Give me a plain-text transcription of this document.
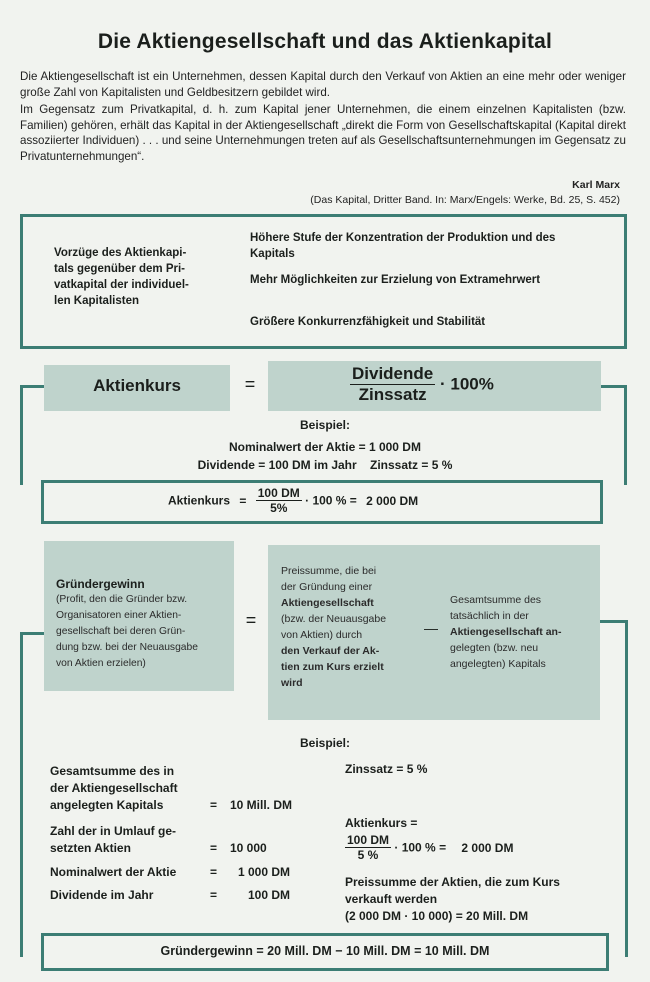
Die Aktiengesellschaft und das Aktienkapital
Die Aktiengesellschaft ist ein Unternehmen, dessen Kapital durch den Verkauf von Aktien an eine mehr oder weniger große Zahl von Kapitalisten und Geldbesitzern gebildet wird.
Im Gegensatz zum Privatkapital, d. h. zum Kapital jener Unternehmen, die einem einzelnen Kapitalisten (bzw. Familien) gehören, erhält das Kapital in der Aktiengesellschaft „direkt die Form von Gesellschaftskapital (Kapital direkt assoziierter Individuen) . . . und seine Unternehmungen treten auf als Gesellschaftsunternehmungen im Gegensatz zu Privatunternehmungen“.
Karl Marx
(Das Kapital, Dritter Band. In: Marx/Engels: Werke, Bd. 25, S. 452)
Vorzüge des Aktienkapi-
tals gegenüber dem Pri-
vatkapital der individuel-
len Kapitalisten
Höhere Stufe der Konzentration der Produktion und des Kapitals
Mehr Möglichkeiten zur Erzielung von Extramehrwert
Größere Konkurrenzfähigkeit und Stabilität
Aktienkurs	=	$\frac{\text{Dividende}}{\text{Zinssatz}} \cdot 100\%$
Beispiel:
Nominalwert der Aktie = 1 000 DM
Dividende = 100 DM im Jahr Zinssatz = 5 %
Aktienkurs = $\frac{100 DM}{5\%} \cdot 100$ % = 2 000 DM
Gründergewinn
(Profit, den die Gründer bzw.
Organisatoren einer Aktien-
gesellschaft bei deren Grün-
dung bzw. bei der Neuausgabe
von Aktien erzielen)
=
Preissumme, die bei
der Gründung einer
Aktiengesellschaft
(bzw. der Neuausgabe
von Aktien) durch
den Verkauf der Ak-
tien zum Kurs erzielt
wird
—
Gesamtsumme des
tatsächlich in der
Aktiengesellschaft an-
gelegten (bzw. neu
angelegten) Kapitals
Beispiel:
Gesamtsumme des in
der Aktiengesellschaft
angelegten Kapitals	= 10 Mill. DM
Zahl der in Umlauf ge-
setzten Aktien	= 10 000
Nominalwert der Aktie	= 1 000 DM
Dividende im Jahr	=	100 DM
Zinssatz = 5 %
Aktienkurs =
$\frac{100 DM}{5 \%} \cdot 100$ % = 2 000 DM
Preissumme der Aktien, die zum Kurs
verkauft werden
(2 000 DM · 10 000) = 20 Mill. DM
Gründergewinn = 20 Mill. DM − 10 Mill. DM = 10 Mill. DM
